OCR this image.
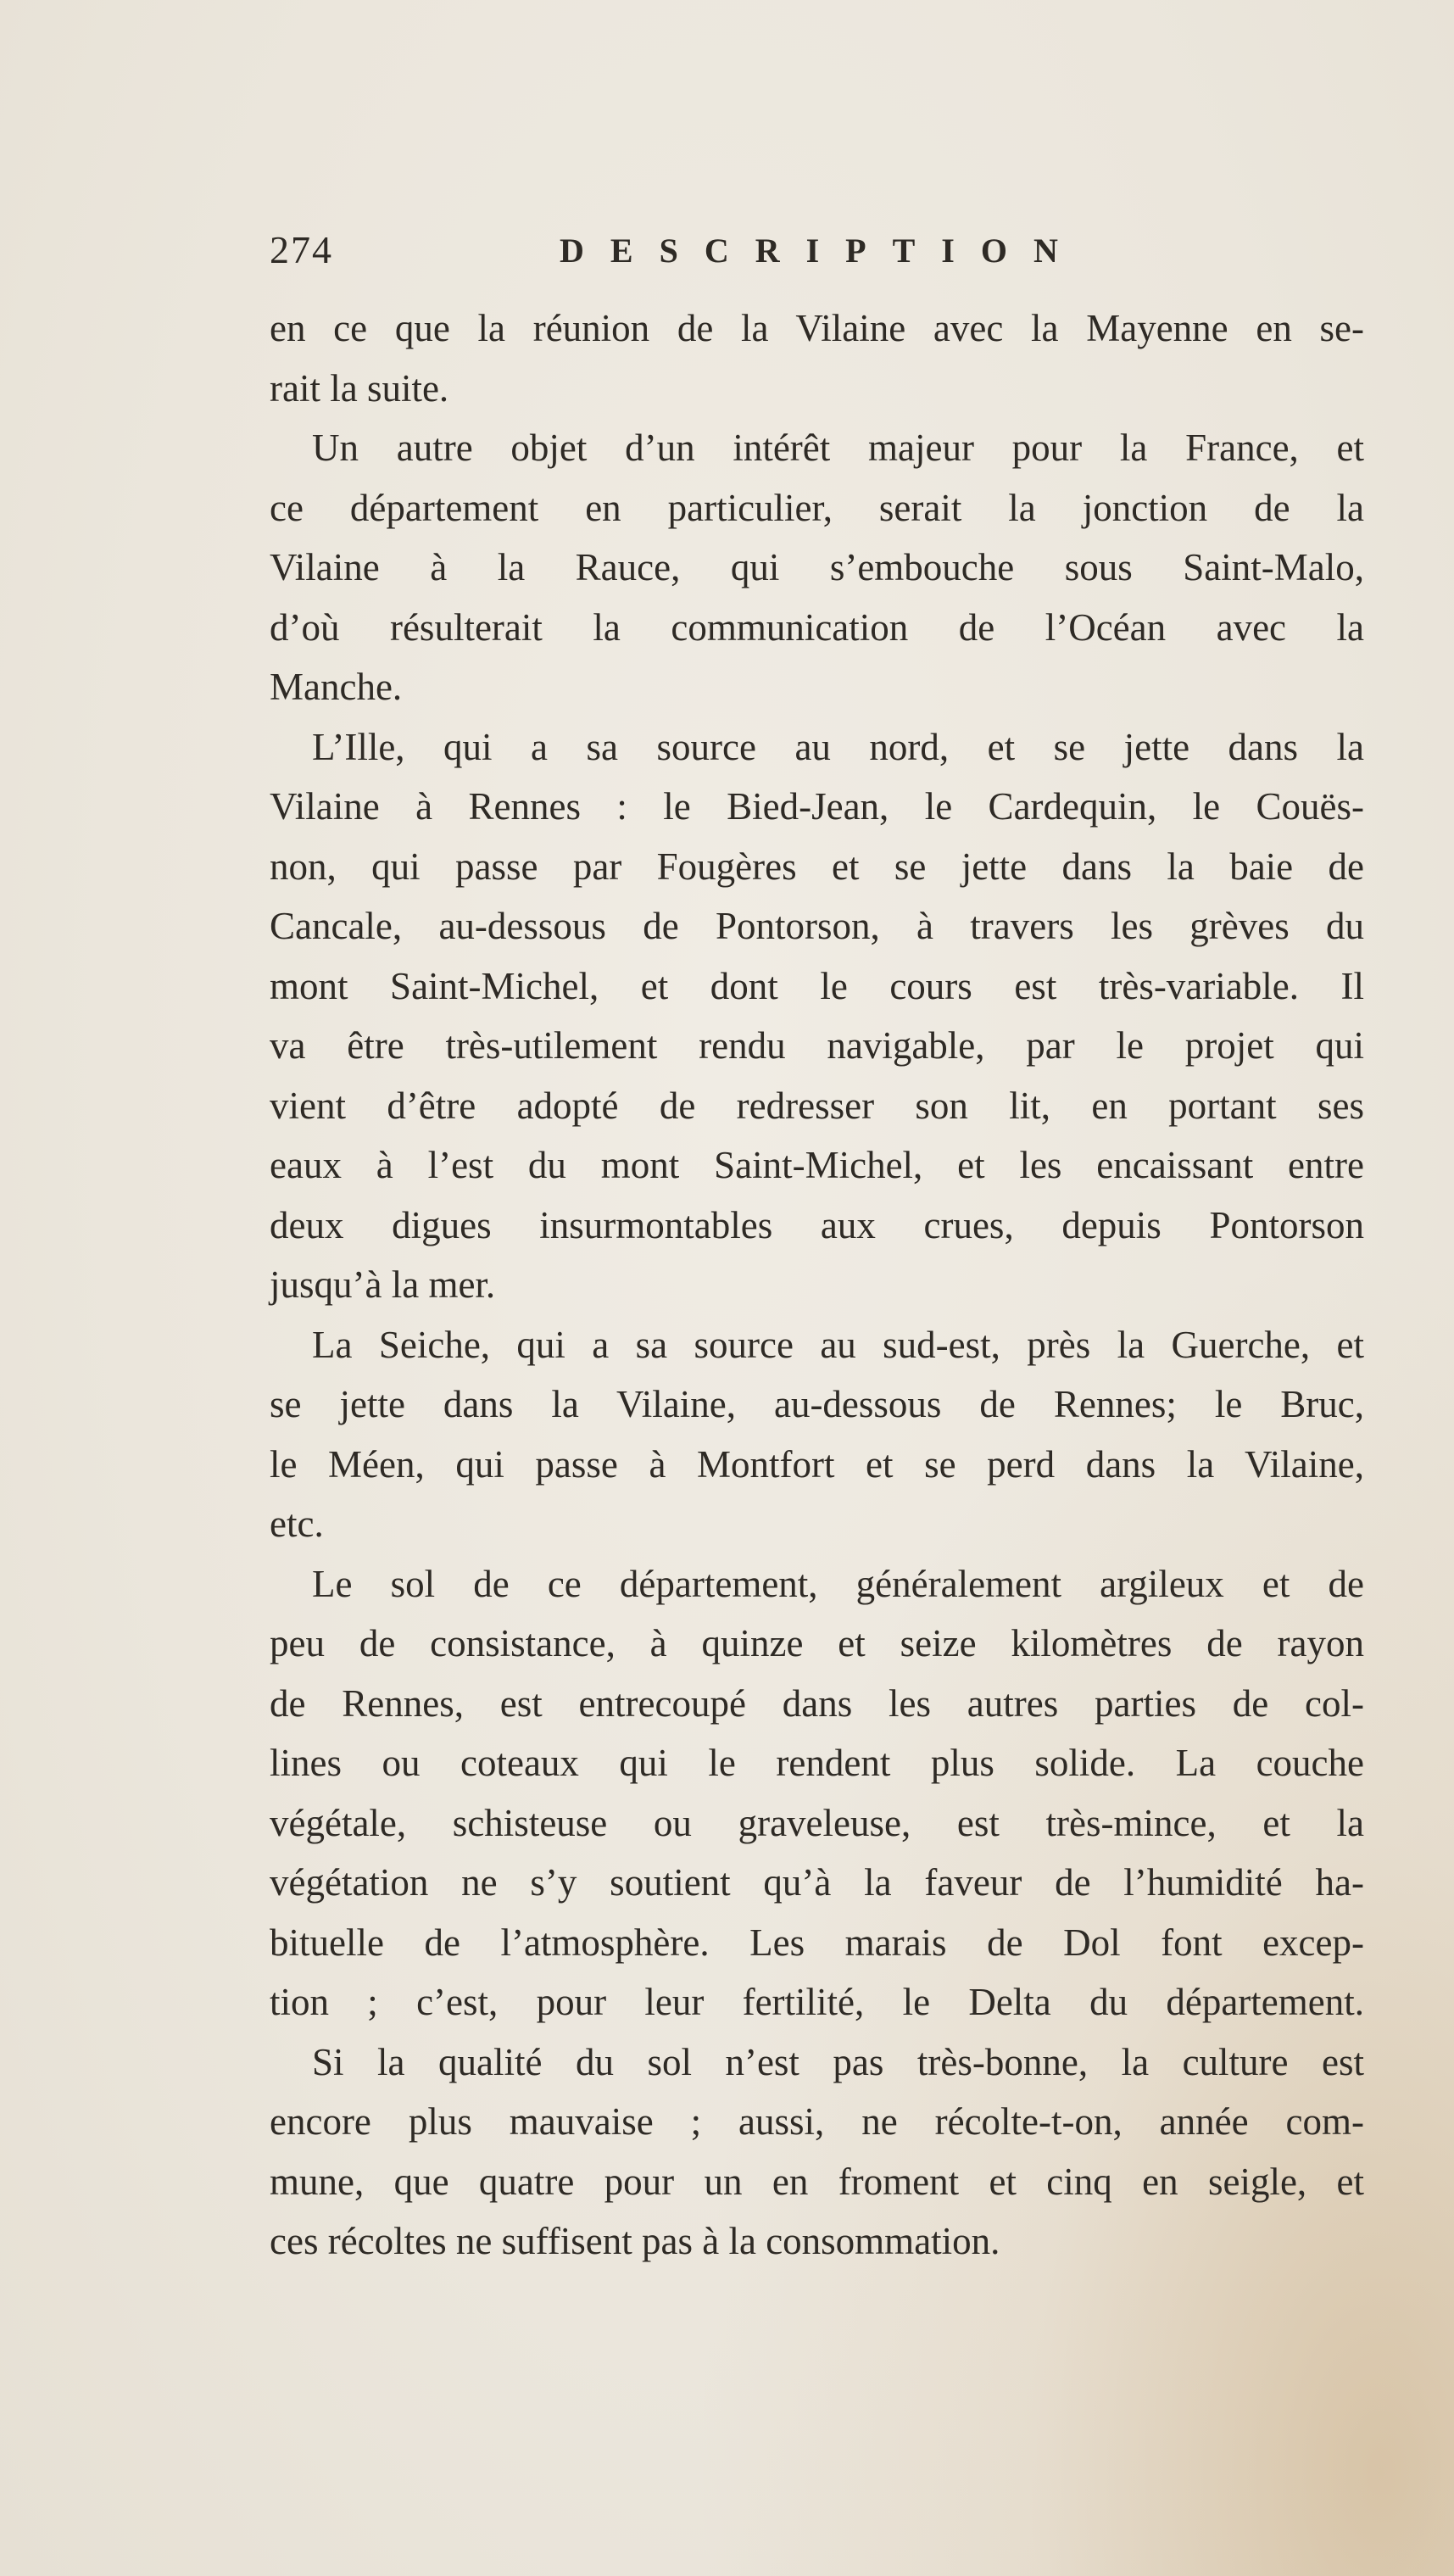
274	DESCRIPTION
en ce que la réunion de la Vilaine avec la Mayenne en se-
rait la suite.
Un autre objet d’un intérêt majeur pour la France, et
ce département en particulier, serait la jonction de la
Vilaine à la Rauce, qui s’embouche sous Saint-Malo,
d’où résulterait la communication de l’Océan avec la
Manche.
L’Ille, qui a sa source au nord, et se jette dans la
Vilaine à Rennes : le Bied-Jean, le Cardequin, le Couës-
non, qui passe par Fougères et se jette dans la baie de
Cancale, au-dessous de Pontorson, à travers les grèves du
mont Saint-Michel, et dont le cours est très-variable. Il
va être très-utilement rendu navigable, par le projet qui
vient d’être adopté de redresser son lit, en portant ses
eaux à l’est du mont Saint-Michel, et les encaissant entre
deux digues insurmontables aux crues, depuis Pontorson
jusqu’à la mer.
La Seiche, qui a sa source au sud-est, près la Guerche, et
se jette dans la Vilaine, au-dessous de Rennes; le Bruc,
le Méen, qui passe à Montfort et se perd dans la Vilaine,
etc.
Le sol de ce département, généralement argileux et de
peu de consistance, à quinze et seize kilomètres de rayon
de Rennes, est entrecoupé dans les autres parties de col-
lines ou coteaux qui le rendent plus solide. La couche
végétale, schisteuse ou graveleuse, est très-mince, et la
végétation ne s’y soutient qu’à la faveur de l’humidité ha-
bituelle de l’atmosphère. Les marais de Dol font excep-
tion ; c’est, pour leur fertilité, le Delta du département.
Si la qualité du sol n’est pas très-bonne, la culture est
encore plus mauvaise ; aussi, ne récolte-t-on, année com-
mune, que quatre pour un en froment et cinq en seigle, et
ces récoltes ne suffisent pas à la consommation.
